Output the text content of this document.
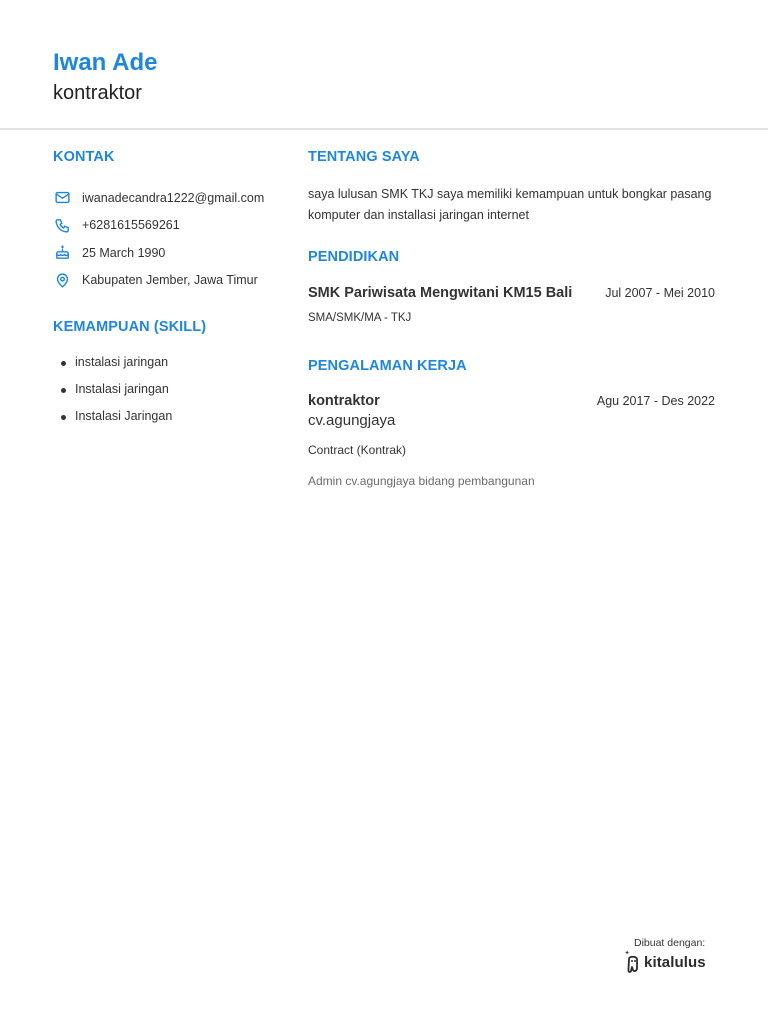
Iwan Ade
kontraktor
KONTAK
iwanadecandra1222@gmail.com
+6281615569261
25 March 1990
Kabupaten Jember, Jawa Timur
KEMAMPUAN (SKILL)
instalasi jaringan
Instalasi jaringan
Instalasi Jaringan
TENTANG SAYA
saya lulusan SMK TKJ saya memiliki kemampuan untuk bongkar pasang komputer dan installasi jaringan internet
PENDIDIKAN
SMK Pariwisata Mengwitani KM15 Bali	Jul 2007 - Mei 2010
SMA/SMK/MA - TKJ
PENGALAMAN KERJA
kontraktor	Agu 2017 - Des 2022
cv.agungjaya
Contract (Kontrak)
Admin cv.agungjaya bidang pembangunan
Dibuat dengan:
kitalulus
